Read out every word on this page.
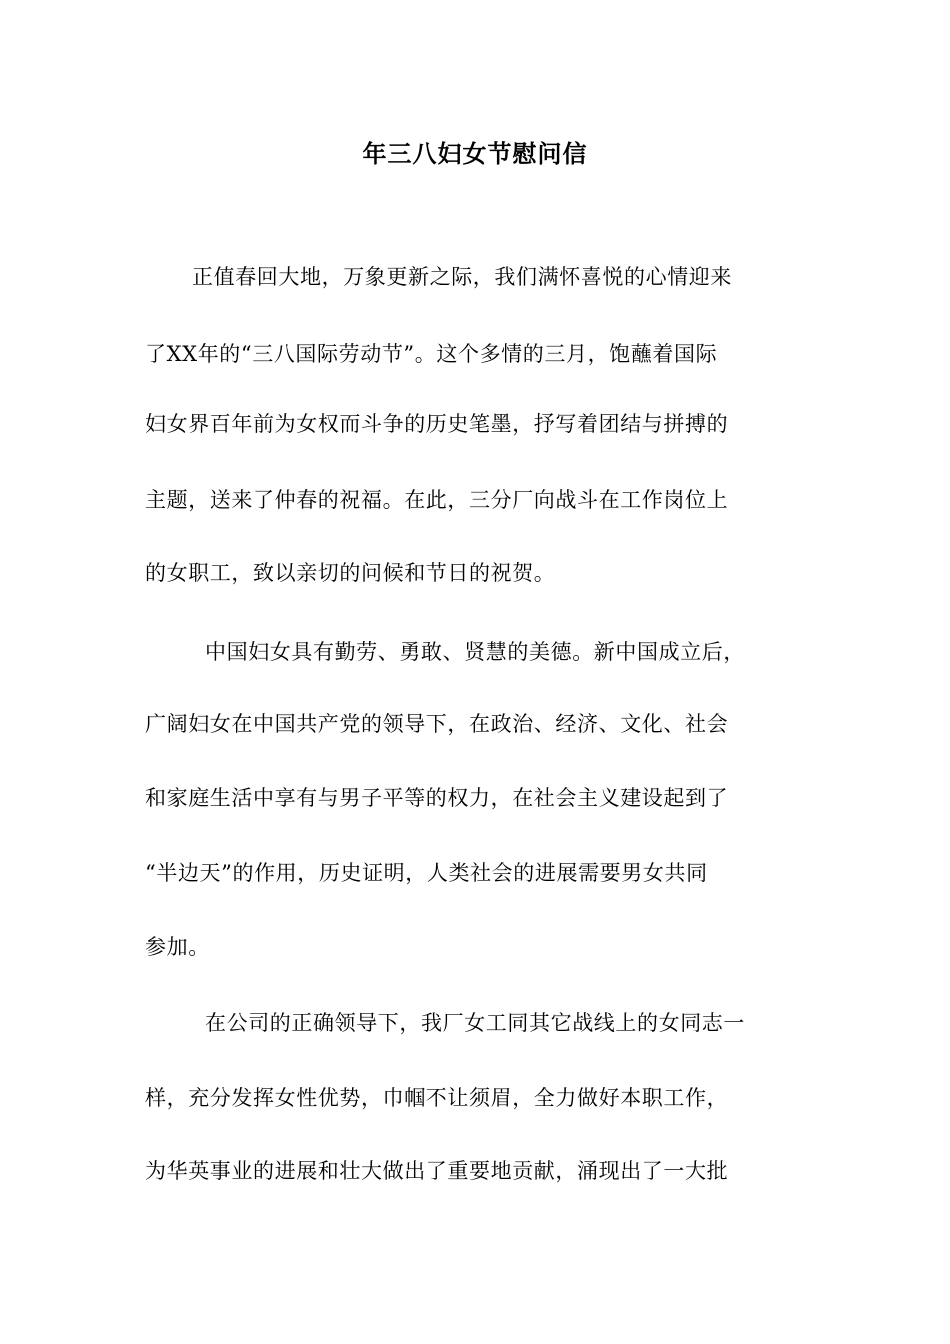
年三八妇女节慰问信
正值春回大地，万象更新之际，我们满怀喜悦的心情迎来
了XX年的“三八国际劳动节”。这个多情的三月，饱蘸着国际
妇女界百年前为女权而斗争的历史笔墨，抒写着团结与拼搏的
主题，送来了仲春的祝福。在此，三分厂向战斗在工作岗位上
的女职工，致以亲切的问候和节日的祝贺。
中国妇女具有勤劳、勇敢、贤慧的美德。新中国成立后，
广阔妇女在中国共产党的领导下，在政治、经济、文化、社会
和家庭生活中享有与男子平等的权力，在社会主义建设起到了
“半边天”的作用，历史证明，人类社会的进展需要男女共同
参加。
在公司的正确领导下，我厂女工同其它战线上的女同志一
样，充分发挥女性优势，巾帼不让须眉，全力做好本职工作，
为华英事业的进展和壮大做出了重要地贡献，涌现出了一大批
